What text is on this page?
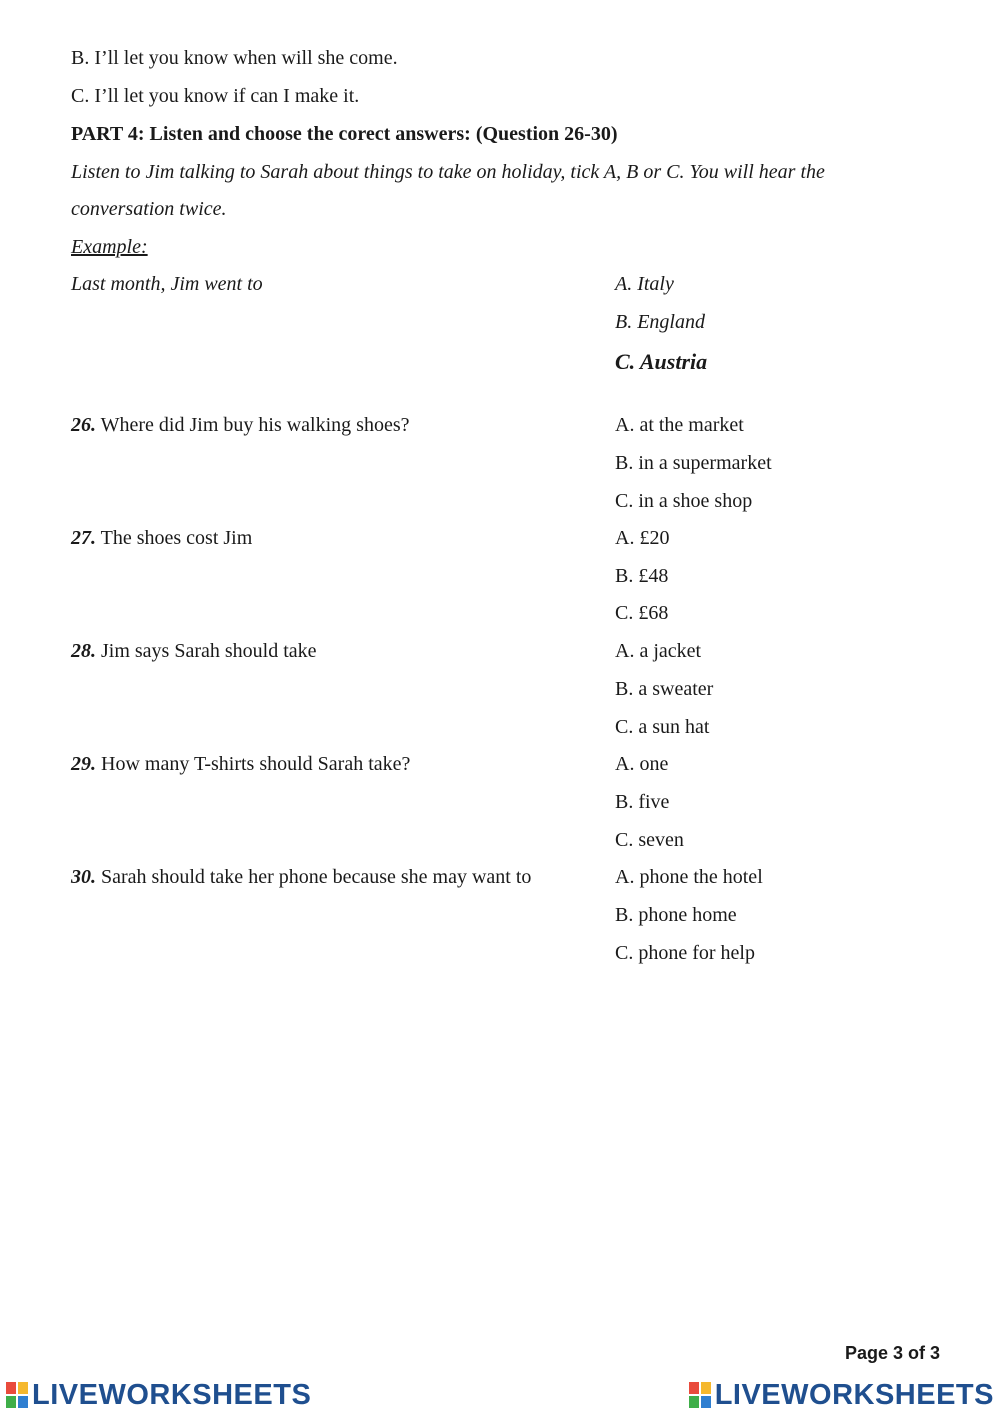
B. I’ll let you know when will she come.
C. I’ll let you know if can I make it.
PART 4: Listen and choose the corect answers: (Question 26-30)
Listen to Jim talking to Sarah about things to take on holiday, tick A, B or C. You will hear the
conversation twice.
Example:
Last month, Jim went to	A. Italy
B. England
C. Austria
26. Where did Jim buy his walking shoes?	A. at the market
B. in a supermarket
C. in a shoe shop
27. The shoes cost Jim	A. £20
B. £48
C. £68
28. Jim says Sarah should take	A. a jacket
B. a sweater
C. a sun hat
29. How many T-shirts should Sarah take?	A. one
B. five
C. seven
30. Sarah should take her phone because she may want to	A. phone the hotel
B. phone home
C. phone for help
Page 3 of 3
LIVEWORKSHEETS	LIVEWORKSHEETS
